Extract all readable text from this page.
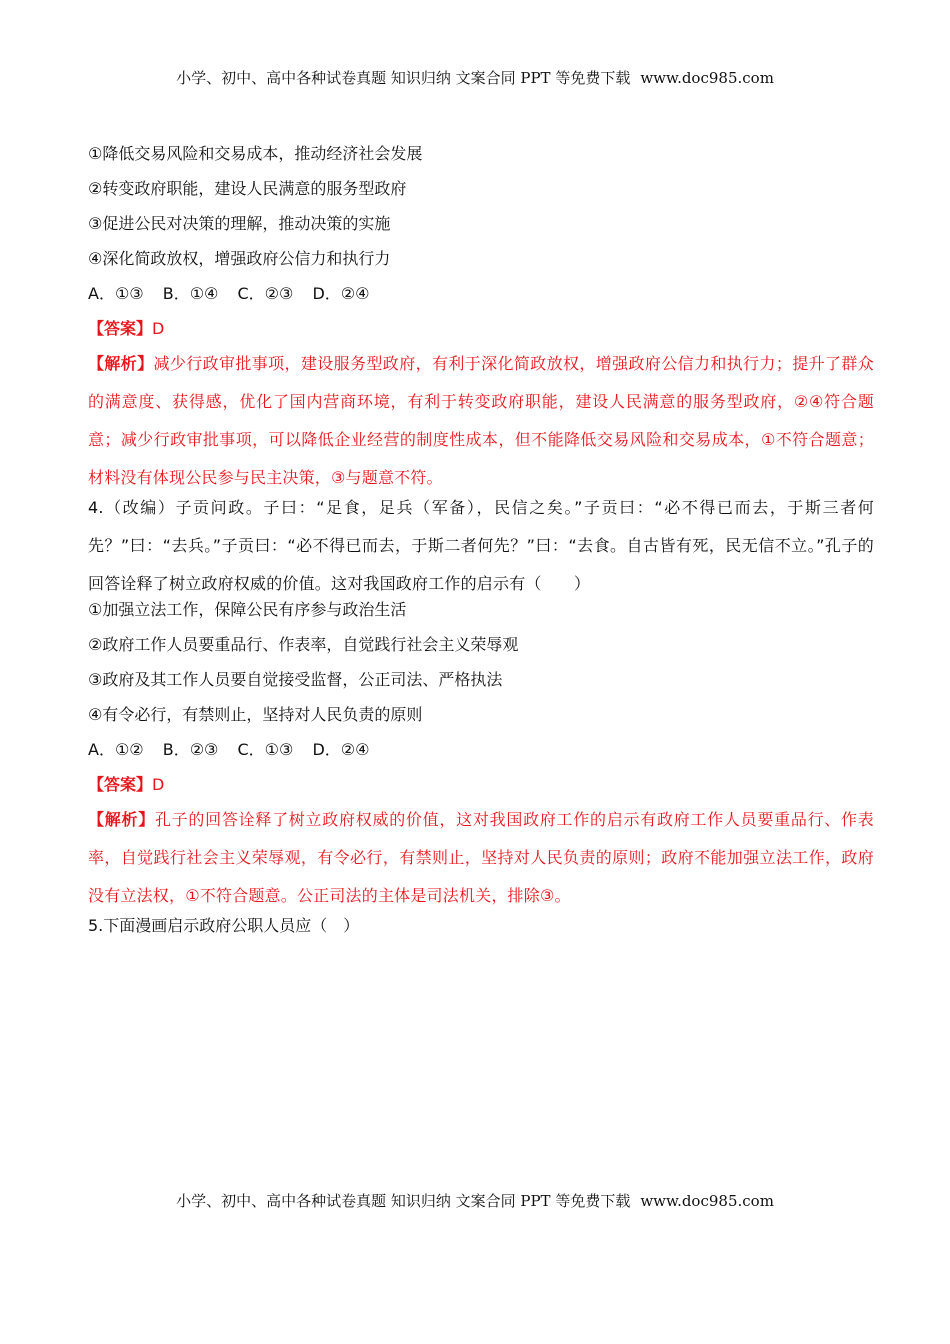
小学、初中、高中各种试卷真题 知识归纳 文案合同 PPT 等免费下载 www.doc985.com
①降低交易风险和交易成本，推动经济社会发展
②转变政府职能，建设人民满意的服务型政府
③促进公民对决策的理解，推动决策的实施
④深化简政放权，增强政府公信力和执行力
A．①③ B．①④ C．②③ D．②④
【答案】D
【解析】减少行政审批事项，建设服务型政府，有利于深化简政放权，增强政府公信力和执行力；提升了群众的满意度、获得感，优化了国内营商环境，有利于转变政府职能，建设人民满意的服务型政府，②④符合题意；减少行政审批事项，可以降低企业经营的制度性成本，但不能降低交易风险和交易成本，①不符合题意；材料没有体现公民参与民主决策，③与题意不符。
4.（改编）子贡问政。子曰：“足食，足兵（军备），民信之矣。”子贡曰：“必不得已而去，于斯三者何先？”曰：“去兵。”子贡曰：“必不得已而去，于斯二者何先？”曰：“去食。自古皆有死，民无信不立。”孔子的回答诠释了树立政府权威的价值。这对我国政府工作的启示有（　　）
①加强立法工作，保障公民有序参与政治生活
②政府工作人员要重品行、作表率，自觉践行社会主义荣辱观
③政府及其工作人员要自觉接受监督，公正司法、严格执法
④有令必行，有禁则止，坚持对人民负责的原则
A．①② B．②③ C．①③ D．②④
【答案】D
【解析】孔子的回答诠释了树立政府权威的价值，这对我国政府工作的启示有政府工作人员要重品行、作表率，自觉践行社会主义荣辱观，有令必行，有禁则止，坚持对人民负责的原则；政府不能加强立法工作，政府没有立法权，①不符合题意。公正司法的主体是司法机关，排除③。
5.下面漫画启示政府公职人员应（　）
小学、初中、高中各种试卷真题 知识归纳 文案合同 PPT 等免费下载 www.doc985.com
